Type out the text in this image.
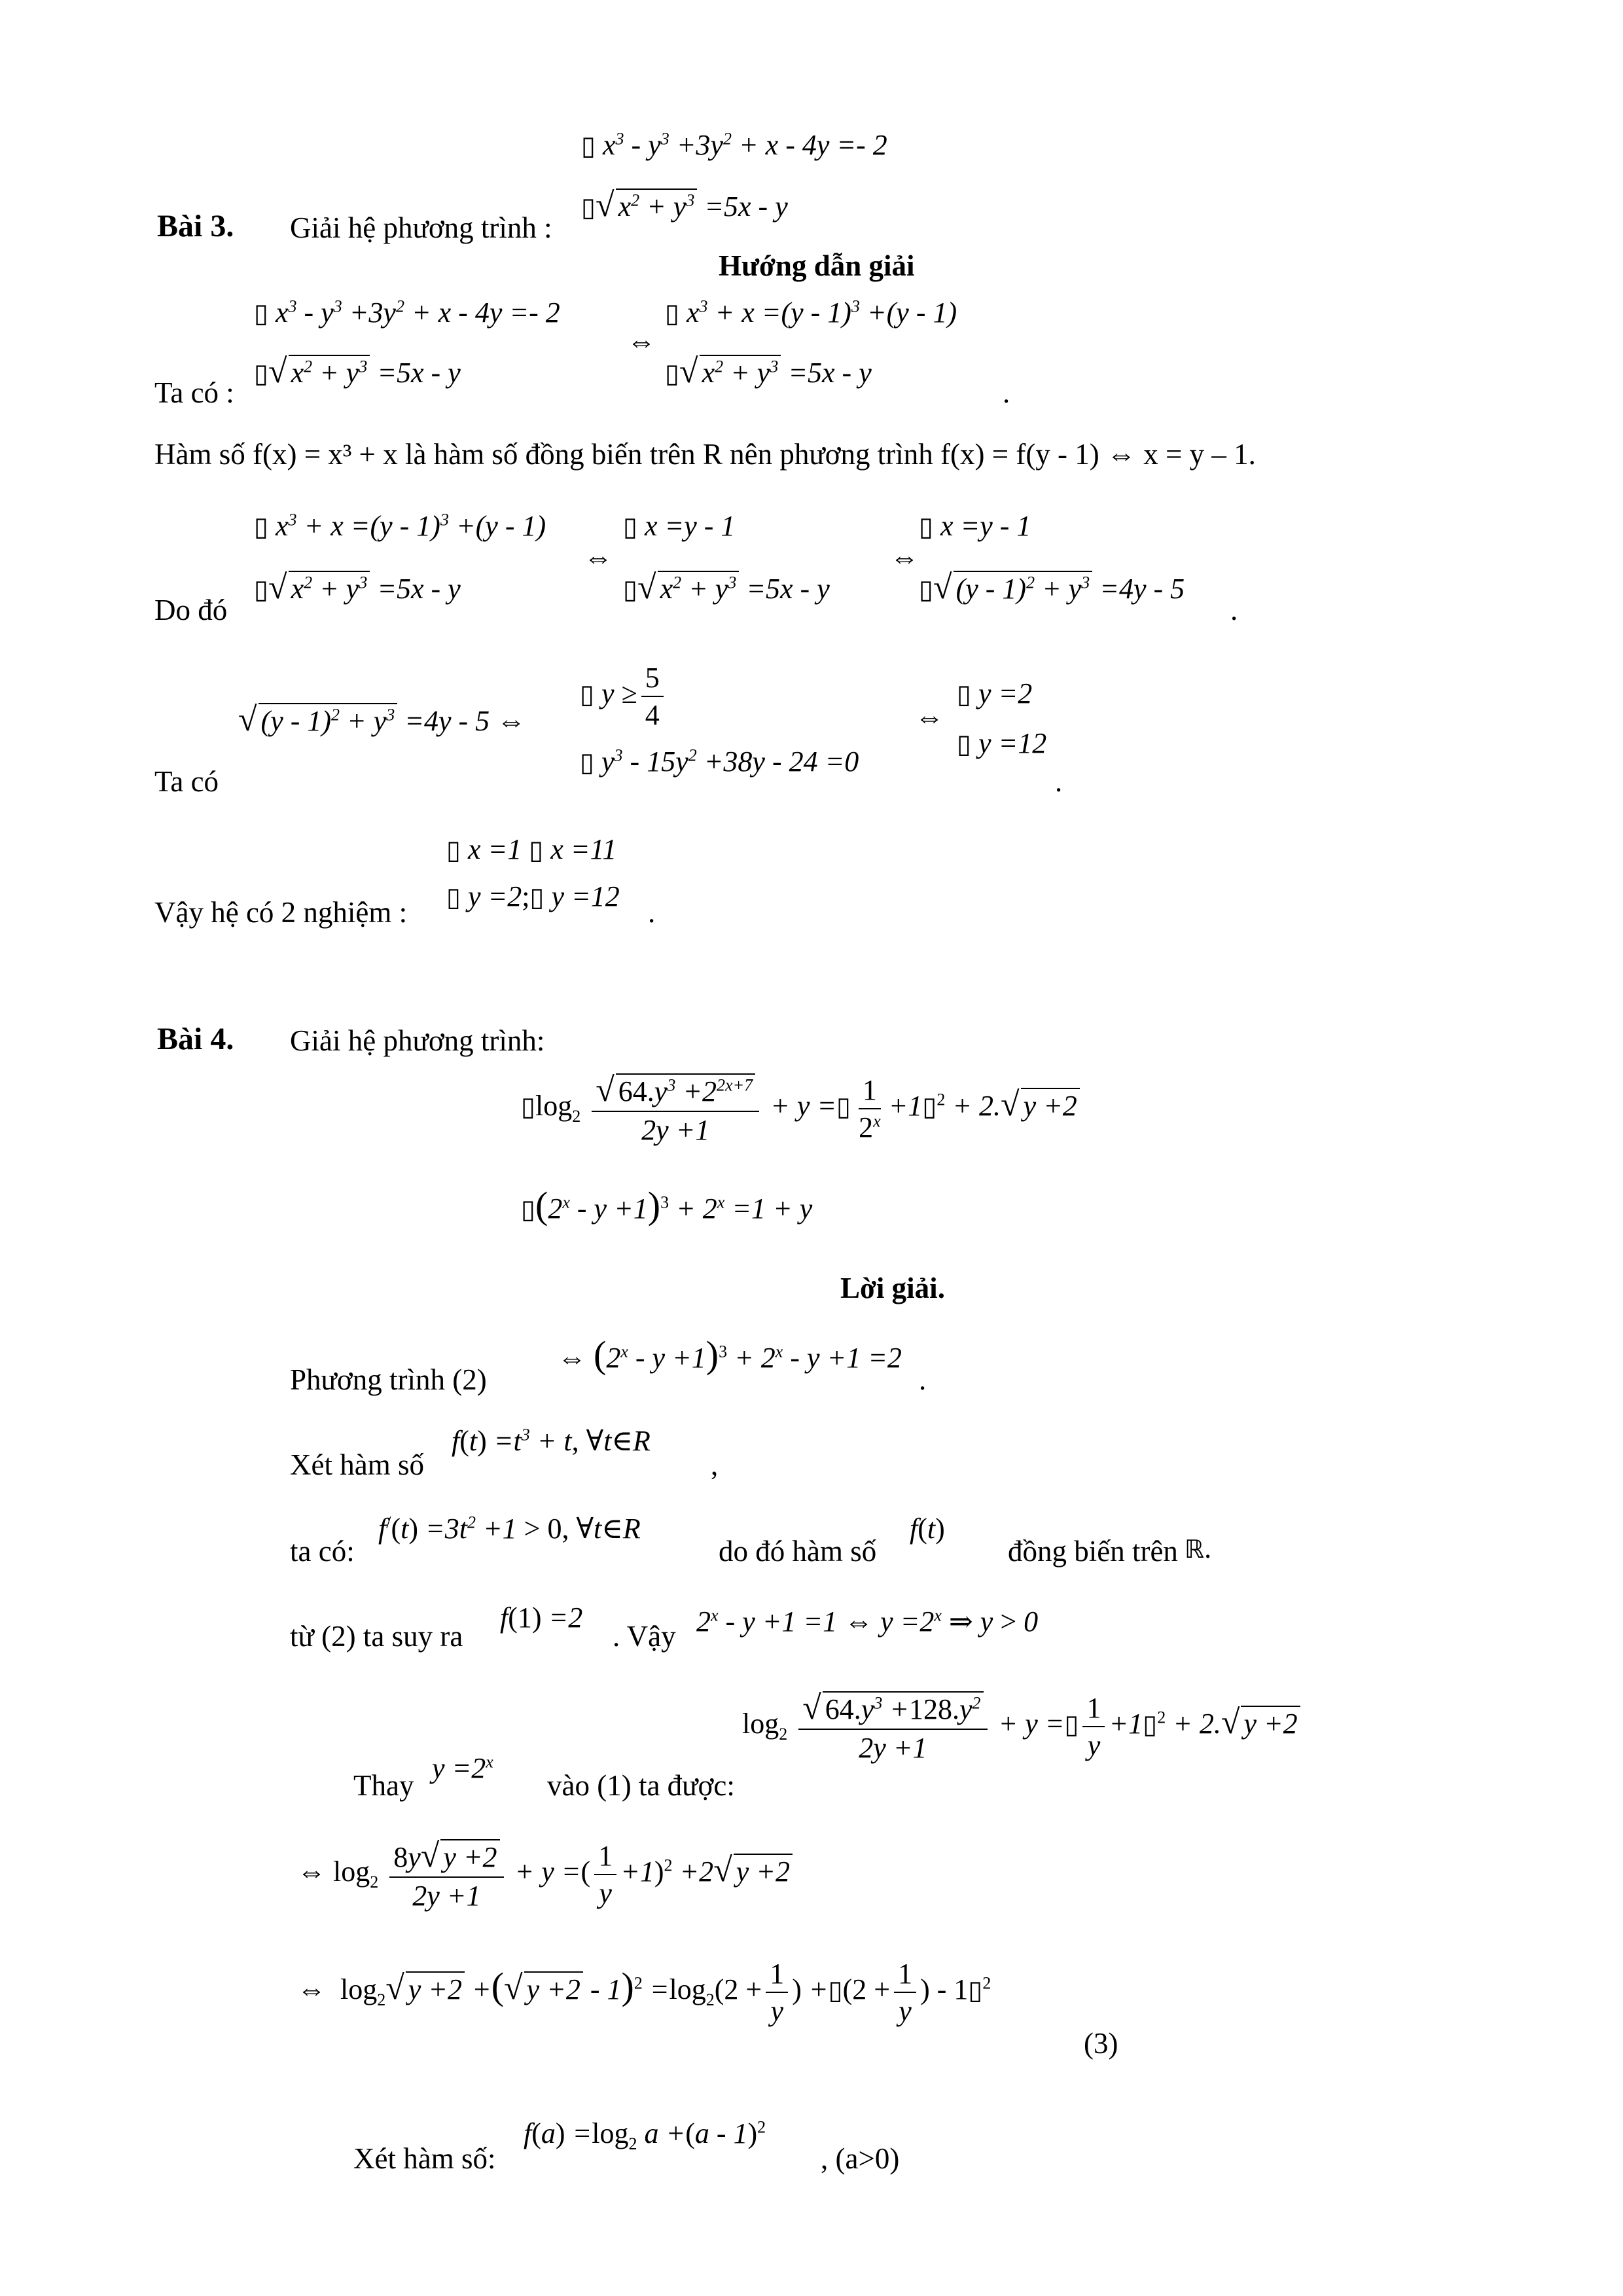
▯ $x^3 - y^3 +3y^2 + x - 4y =- 2$
▯√ $x^2 + y^3 =5x - y$
Bài 3. Giải hệ phương trình :
Hướng dẫn giải
▯ $x^3 - y^3 +3y^2 + x - 4y =- 2$
▯√ $x^2 + y^3 =5x - y$
⇔
▯ $x^3 + x =(y - 1)^3 +(y - 1)$
▯√ $x^2 + y^3 =5x - y$
Ta có :	.
Hàm số f(x) = x³ + x là hàm số đồng biến trên R nên phương trình f(x) = f(y - 1) ⇔ x = y – 1.
▯ $x^3 + x =(y - 1)^3 +(y - 1)$
▯√ $x^2 + y^3 =5x - y$
⇔
▯ x =y - 1
▯√ $x^2 + y^3 =5x - y$
⇔
▯ x =y - 1
▯√ $(y - 1)^2 + y^3 =4y - 5$
Do đó	.
√ $(y - 1)^2 + y^3 =4y - 5$ ⇔
▯ $y \ge \frac{5}{4}$
▯ $y^3 - 15y^2 +38y - 24 =0$
⇔
▯ y =2
▯ y =12
Ta có	.
▯ x =1 ▯ x =11
▯ y =2;▯ y =12
Vậy hệ có 2 nghiệm :	.
Bài 4. Giải hệ phương trình:
$▯\log_2 \frac{√ 64.y^3 +2^{2x+7}}{2y +1} + y$ =▯ $\frac{1}{2^x}$ +1▯$^2$ + 2.√ y +2
▯(2$^x$ - $y +1)^3 + 2^x =1 + y$
Lời giải.
⇔ $(2^x - y +1)^3 + 2^x - y +1 =2$
Phương trình (2)	.
$f(t) =t^3 + t$, ∀t∈R
Xét hàm số	,
$f^/(t) =3t^2 +1 > 0$, ∀t∈R
ta có:	do đó hàm số
f(t)
đồng biến trên ℝ.
từ (2) ta suy ra
f(1) =2
. Vậy 2$^x$ - y +1 =1 ⇔ $y =2^x$ ⇒ y > 0
$\log_2 \frac{√ 64.y^3 +128.y^2}{2y +1} + y$ =▯ $\frac{1}{y}$ +1▯$^2$ + 2.√ y +2
Thay
$y =2^x$
vào (1) ta được:
⇔ $\log_2 \frac{8y√ y +2}{2y +1} + y$ =( $\frac{1}{y} +1)^2 +2√$ y +2
⇔ $\log_2√$ y +2 +(√ $y +2 - 1)^2 =\log_2(2 + \frac{1}{y}$ ) +▯(2 + $\frac{1}{y}$ ) - 1▯$^2$
(3)
Xét hàm số:
$f(a) =\log_2$ a +(a - 1)$^2$
, (a>0)
